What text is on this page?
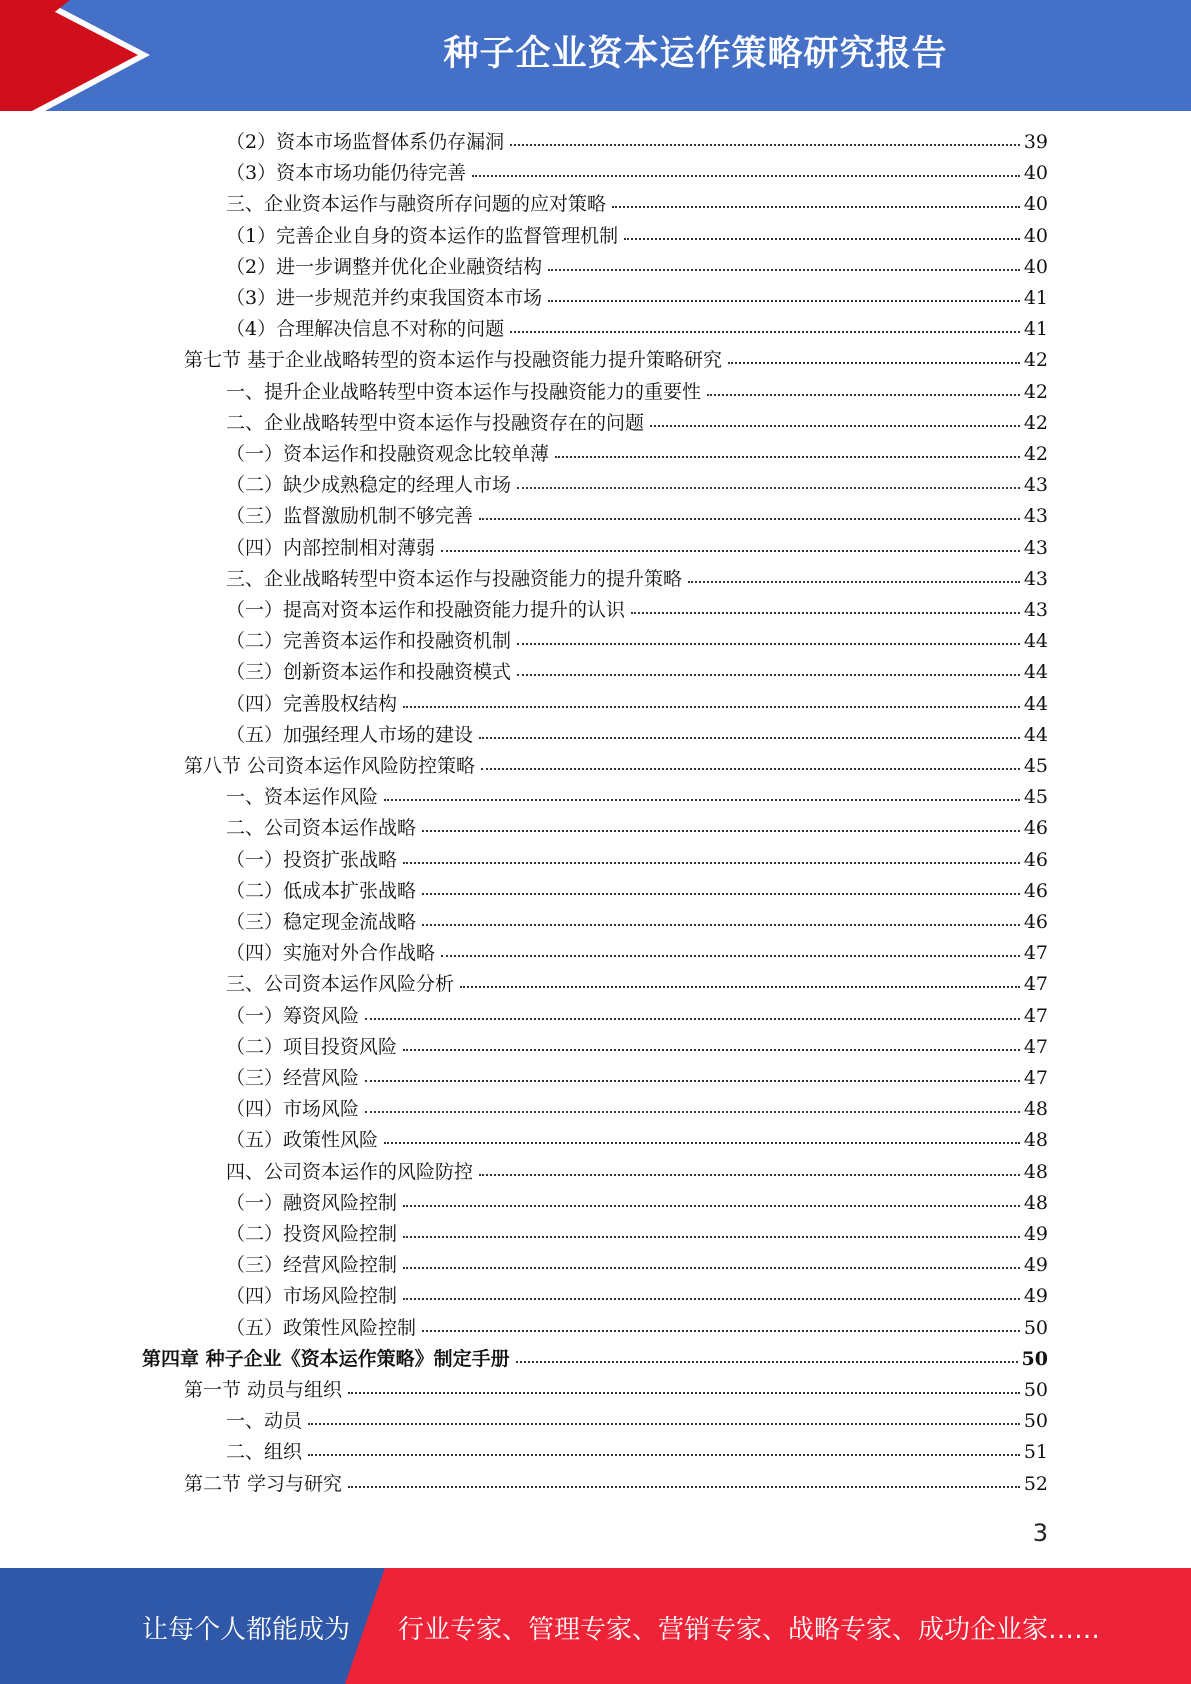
种子企业资本运作策略研究报告
（2）资本市场监督体系仍存漏洞	39
（3）资本市场功能仍待完善	40
三、企业资本运作与融资所存问题的应对策略	40
（1）完善企业自身的资本运作的监督管理机制	40
（2）进一步调整并优化企业融资结构	40
（3）进一步规范并约束我国资本市场	41
（4）合理解决信息不对称的问题	41
第七节 基于企业战略转型的资本运作与投融资能力提升策略研究	42
一、提升企业战略转型中资本运作与投融资能力的重要性	42
二、企业战略转型中资本运作与投融资存在的问题	42
（一）资本运作和投融资观念比较单薄	42
（二）缺少成熟稳定的经理人市场	43
（三）监督激励机制不够完善	43
（四）内部控制相对薄弱	43
三、企业战略转型中资本运作与投融资能力的提升策略	43
（一）提高对资本运作和投融资能力提升的认识	43
（二）完善资本运作和投融资机制	44
（三）创新资本运作和投融资模式	44
（四）完善股权结构	44
（五）加强经理人市场的建设	44
第八节 公司资本运作风险防控策略	45
一、资本运作风险	45
二、公司资本运作战略	46
（一）投资扩张战略	46
（二）低成本扩张战略	46
（三）稳定现金流战略	46
（四）实施对外合作战略	47
三、公司资本运作风险分析	47
（一）筹资风险	47
（二）项目投资风险	47
（三）经营风险	47
（四）市场风险	48
（五）政策性风险	48
四、公司资本运作的风险防控	48
（一）融资风险控制	48
（二）投资风险控制	49
（三）经营风险控制	49
（四）市场风险控制	49
（五）政策性风险控制	50
第四章 种子企业《资本运作策略》制定手册	50
第一节 动员与组织	50
一、动员	50
二、组织	51
第二节 学习与研究	52
3
让每个人都能成为 行业专家、管理专家、营销专家、战略专家、成功企业家……
